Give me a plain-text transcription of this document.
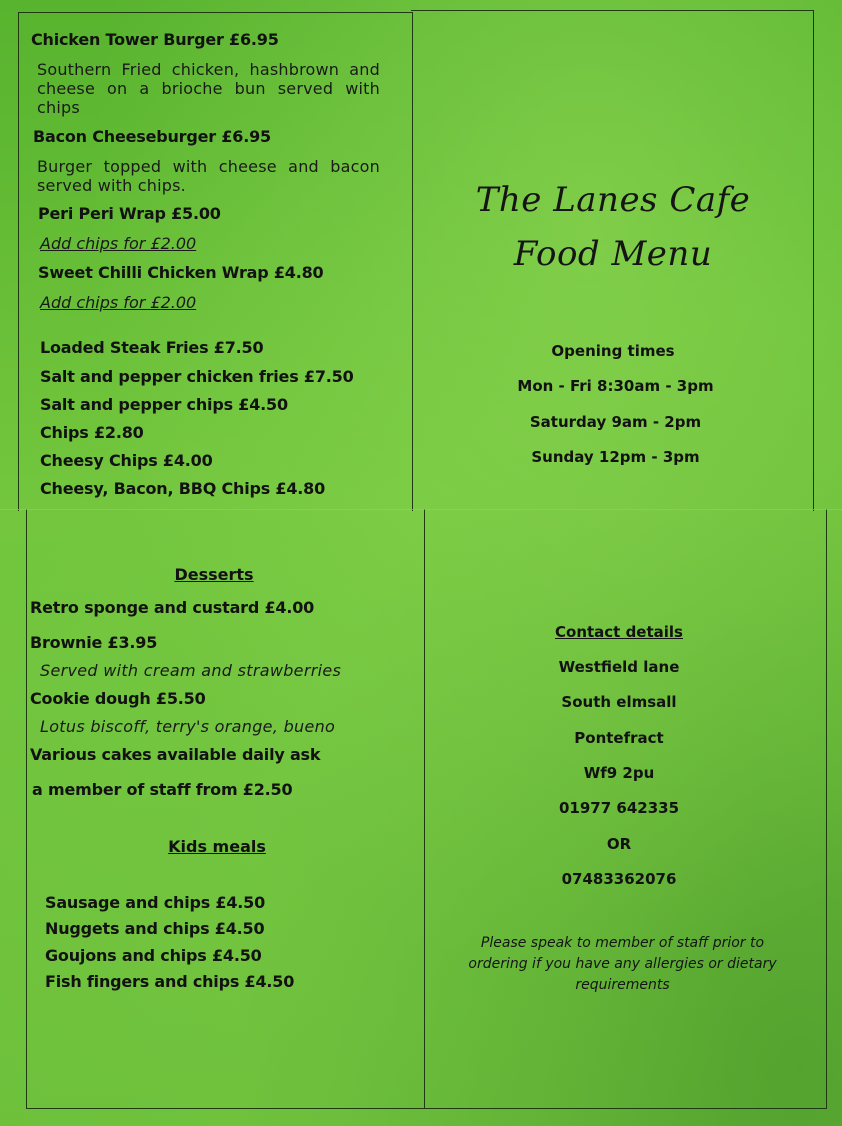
Chicken Tower Burger £6.95
Southern Fried chicken, hashbrown and cheese on a brioche bun served with chips
Bacon Cheeseburger £6.95
Burger topped with cheese and bacon served with chips.
Peri Peri Wrap £5.00
Add chips for £2.00
Sweet Chilli Chicken Wrap £4.80
Add chips for £2.00
Loaded Steak Fries £7.50
Salt and pepper chicken fries £7.50
Salt and pepper chips £4.50
Chips £2.80
Cheesy Chips £4.00
Cheesy, Bacon, BBQ Chips £4.80
Desserts
Retro sponge and custard £4.00
Brownie £3.95
Served with cream and strawberries
Cookie dough £5.50
Lotus biscoff, terry's orange, bueno
Various cakes available daily ask
a member of staff from £2.50
Kids meals
Sausage and chips £4.50
Nuggets and chips £4.50
Goujons and chips £4.50
Fish fingers and chips £4.50
The Lanes Cafe
Food Menu
Opening times
Mon - Fri 8:30am - 3pm
Saturday 9am - 2pm
Sunday 12pm - 3pm
Contact details
Westfield lane
South elmsall
Pontefract
Wf9 2pu
01977 642335
OR
07483362076
Please speak to member of staff prior to ordering if you have any allergies or dietary requirements
